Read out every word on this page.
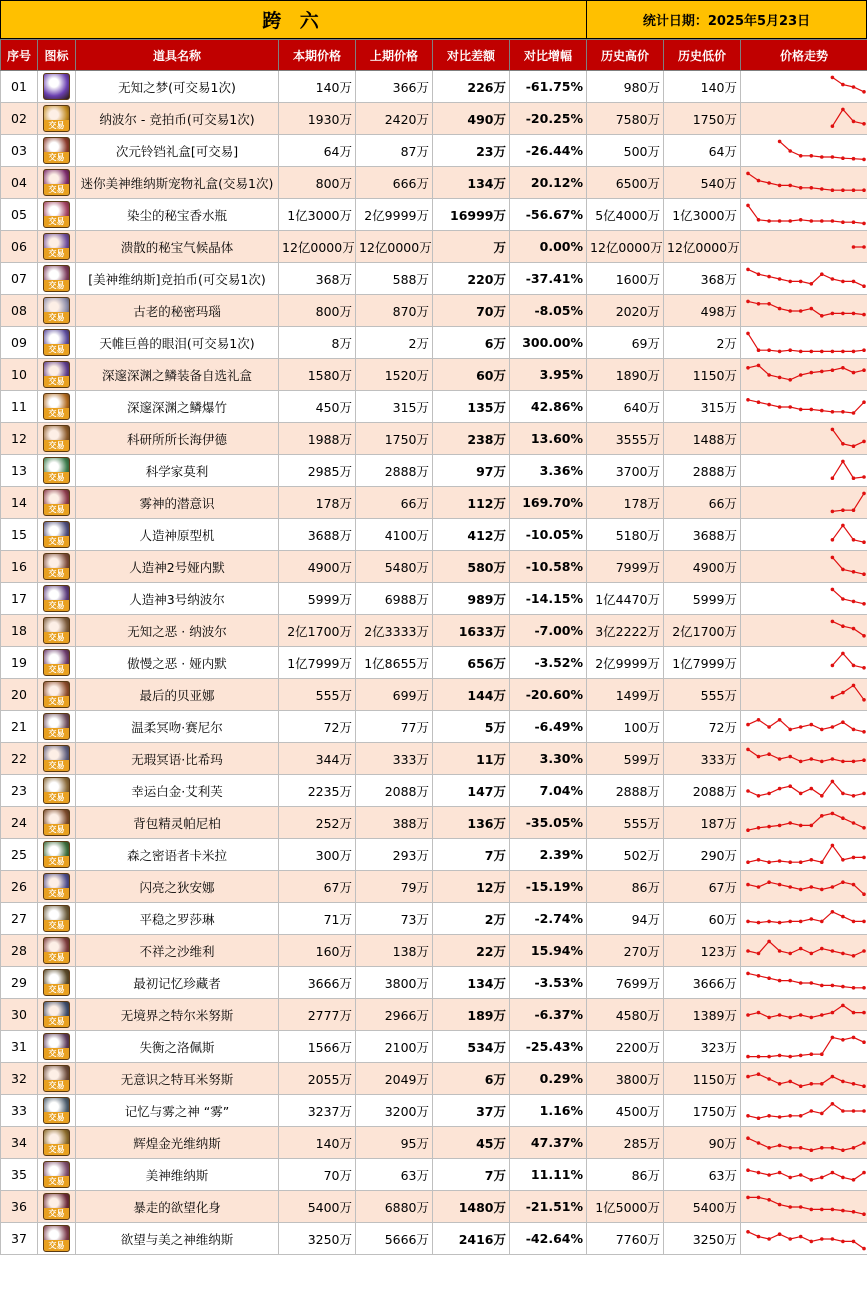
跨 六	统计日期：2025年5月23日
序号	图标	道具名称	本期价格	上期价格	对比差额	对比增幅	历史高价	历史低价	价格走势
01		无知之梦(可交易1次)	140万	366万	226万	-61.75%	980万	140万	

02	交易	纳波尔 - 竞拍币(可交易1次)	1930万	2420万	490万	-20.25%	7580万	1750万	

03	交易	次元铃铛礼盒[可交易]	64万	87万	23万	-26.44%	500万	64万	

04	交易	迷你美神维纳斯宠物礼盒(交易1次)	800万	666万	134万	20.12%	6500万	540万	

05	交易	染尘的秘宝香水瓶	1亿3000万	2亿9999万	16999万	-56.67%	5亿4000万	1亿3000万	

06	交易	溃散的秘宝气候晶体	12亿0000万	12亿0000万	万	0.00%	12亿0000万	12亿0000万	

07	交易	[美神维纳斯]竞拍币(可交易1次)	368万	588万	220万	-37.41%	1600万	368万	

08	交易	古老的秘密玛瑙	800万	870万	70万	-8.05%	2020万	498万	

09	交易	天帷巨兽的眼泪(可交易1次)	8万	2万	6万	300.00%	69万	2万	

10	交易	深邃深渊之鳞装备自选礼盒	1580万	1520万	60万	3.95%	1890万	1150万	

11	交易	深邃深渊之鳞爆竹	450万	315万	135万	42.86%	640万	315万	

12	交易	科研所所长海伊德	1988万	1750万	238万	13.60%	3555万	1488万	

13	交易	科学家莫利	2985万	2888万	97万	3.36%	3700万	2888万	

14	交易	雾神的潜意识	178万	66万	112万	169.70%	178万	66万	

15	交易	人造神原型机	3688万	4100万	412万	-10.05%	5180万	3688万	

16	交易	人造神2号娅内默	4900万	5480万	580万	-10.58%	7999万	4900万	

17	交易	人造神3号纳波尔	5999万	6988万	989万	-14.15%	1亿4470万	5999万	

18	交易	无知之恶 · 纳波尔	2亿1700万	2亿3333万	1633万	-7.00%	3亿2222万	2亿1700万	

19	交易	傲慢之恶 · 娅内默	1亿7999万	1亿8655万	656万	-3.52%	2亿9999万	1亿7999万	

20	交易	最后的贝亚娜	555万	699万	144万	-20.60%	1499万	555万	

21	交易	温柔冥吻·赛尼尔	72万	77万	5万	-6.49%	100万	72万	

22	交易	无瑕冥语·比希玛	344万	333万	11万	3.30%	599万	333万	

23	交易	幸运白金·艾利芙	2235万	2088万	147万	7.04%	2888万	2088万	

24	交易	背包精灵帕尼柏	252万	388万	136万	-35.05%	555万	187万	

25	交易	森之密语者卡米拉	300万	293万	7万	2.39%	502万	290万	

26	交易	闪亮之狄安娜	67万	79万	12万	-15.19%	86万	67万	

27	交易	平稳之罗莎琳	71万	73万	2万	-2.74%	94万	60万	

28	交易	不祥之沙维利	160万	138万	22万	15.94%	270万	123万	

29	交易	最初记忆珍藏者	3666万	3800万	134万	-3.53%	7699万	3666万	

30	交易	无境界之特尔米努斯	2777万	2966万	189万	-6.37%	4580万	1389万	

31	交易	失衡之洛佩斯	1566万	2100万	534万	-25.43%	2200万	323万	

32	交易	无意识之特耳米努斯	2055万	2049万	6万	0.29%	3800万	1150万	

33	交易	记忆与雾之神 “雾”	3237万	3200万	37万	1.16%	4500万	1750万	

34	交易	辉煌金光维纳斯	140万	95万	45万	47.37%	285万	90万	

35	交易	美神维纳斯	70万	63万	7万	11.11%	86万	63万	

36	交易	暴走的欲望化身	5400万	6880万	1480万	-21.51%	1亿5000万	5400万	

37	交易	欲望与美之神维纳斯	3250万	5666万	2416万	-42.64%	7760万	3250万	
